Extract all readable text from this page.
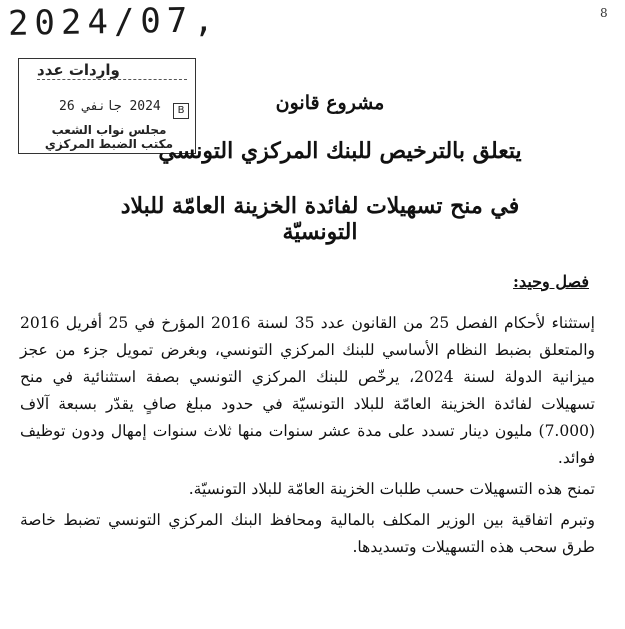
2024/07,	8
واردات عدد
2024 جانفي 26	B
مجلس نواب الشعب
مكتب الضبط المركزي
مشروع قانون
يتعلق بالترخيص للبنك المركزي التونسي
في منح تسهيلات لفائدة الخزينة العامّة للبلاد التونسيّة
فصل وحيد:

إستثناء لأحكام الفصل 25 من القانون عدد 35 لسنة 2016 المؤرخ في 25 أفريل 2016 والمتعلق بضبط النظام الأساسي للبنك المركزي التونسي، وبغرض تمويل جزء من عجز ميزانية الدولة لسنة 2024، يرخّص للبنك المركزي التونسي بصفة استثنائية في منح تسهيلات لفائدة الخزينة العامّة للبلاد التونسيّة في حدود مبلغ صافٍ يقدّر بسبعة آلاف (7.000) مليون دينار تسدد على مدة عشر سنوات منها ثلاث سنوات إمهال ودون توظيف فوائد.

تمنح هذه التسهيلات حسب طلبات الخزينة العامّة للبلاد التونسيّة.

وتبرم اتفاقية بين الوزير المكلف بالمالية ومحافظ البنك المركزي التونسي تضبط خاصة طرق سحب هذه التسهيلات وتسديدها.
